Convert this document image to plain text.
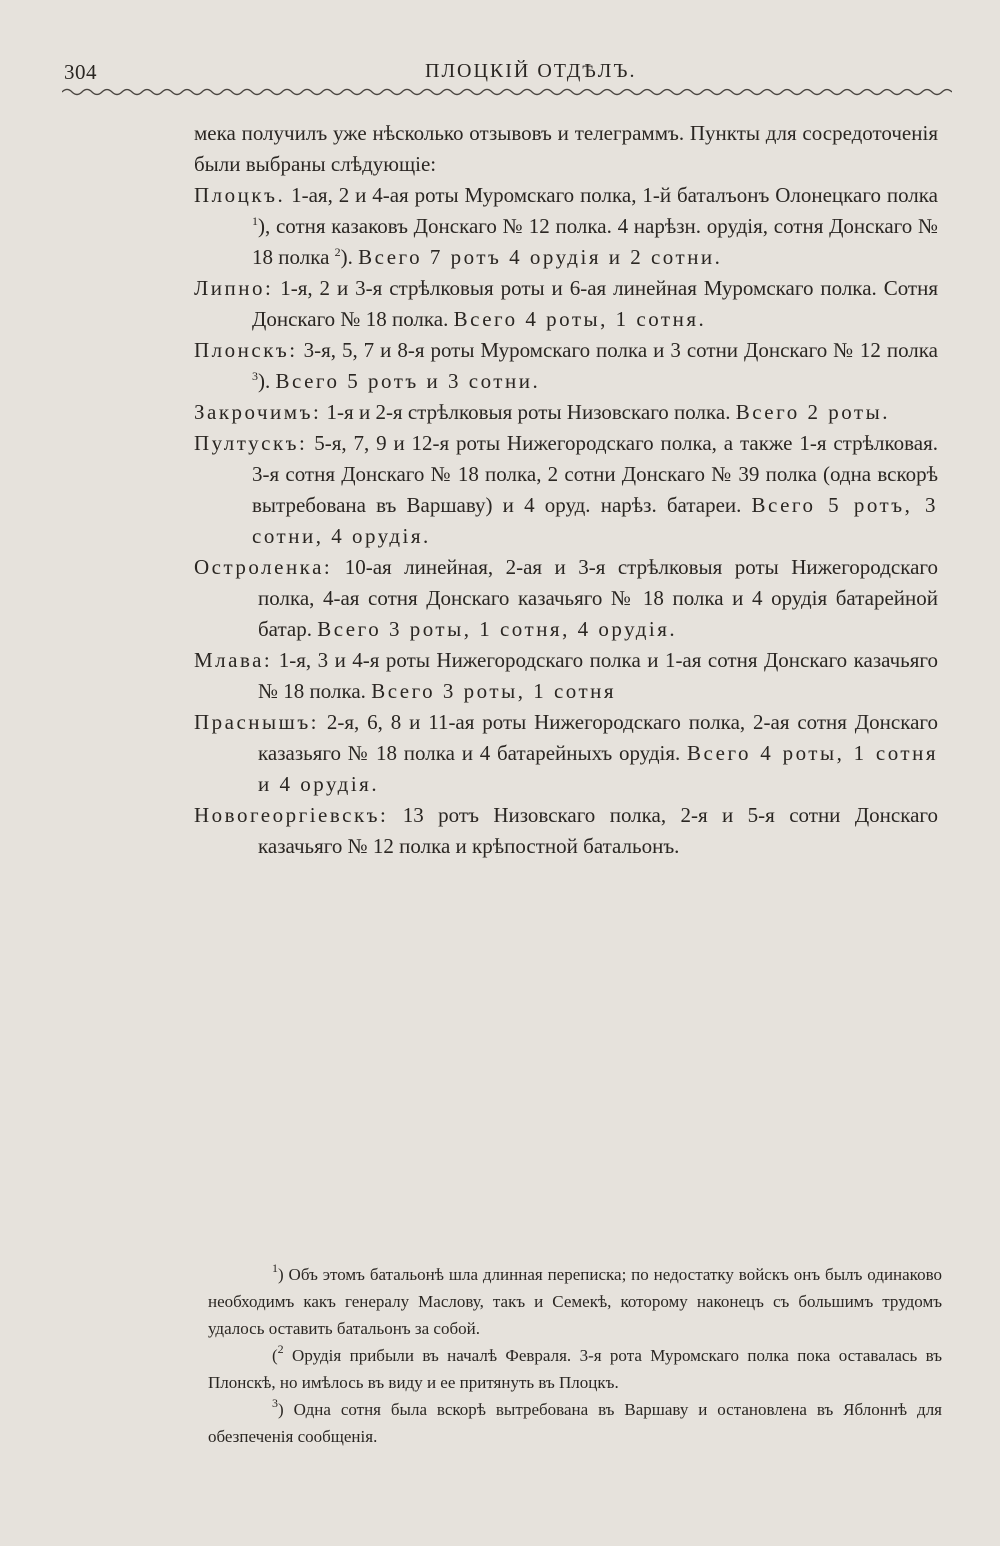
304	ПЛОЦКІЙ ОТДѢЛЪ.

мека получилъ уже нѣсколько отзывовъ и телеграммъ. Пункты для сосредоточенія были выбраны слѣдующіе:

Плоцкъ. 1-ая, 2 и 4-ая роты Муромскаго полка, 1-й баталъонъ Олонецкаго полка $^1$), сотня казаковъ Донскаго № 12 полка. 4 нарѣзн. орудія, сотня Донскаго № 18 полка $^2$). Всего 7 ротъ 4 орудія и 2 сотни.

Липно: 1-я, 2 и 3-я стрѣлковыя роты и 6-ая линейная Муромскаго полка. Сотня Донскаго № 18 полка. Всего 4 роты, 1 сотня.

Плонскъ: 3-я, 5, 7 и 8-я роты Муромскаго полка и 3 сотни Донскаго № 12 полка $^3$). Всего 5 ротъ и 3 сотни.

Закрочимъ: 1-я и 2-я стрѣлковыя роты Низовскаго полка. Всего 2 роты.

Пултускъ: 5-я, 7, 9 и 12-я роты Нижегородскаго полка, а также 1-я стрѣлковая. 3-я сотня Донскаго № 18 полка, 2 сотни Донскаго № 39 полка (одна вскорѣ вытребована въ Варшаву) и 4 оруд. нарѣз. батареи. Всего 5 ротъ, 3 сотни, 4 орудія.

Остроленка: 10-ая линейная, 2-ая и 3-я стрѣлковыя роты Нижегородскаго полка, 4-ая сотня Донскаго казачьяго № 18 полка и 4 орудія батарейной батар. Всего 3 роты, 1 сотня, 4 орудія.

Млава: 1-я, 3 и 4-я роты Нижегородскаго полка и 1-ая сотня Донскаго казачьяго № 18 полка. Всего 3 роты, 1 сотня

Праснышъ: 2-я, 6, 8 и 11-ая роты Нижегородскаго полка, 2-ая сотня Донскаго казазьяго № 18 полка и 4 батарейныхъ орудія. Всего 4 роты, 1 сотня и 4 орудія.

Новогеоргіевскъ: 13 ротъ Низовскаго полка, 2-я и 5-я сотни Донскаго казачьяго № 12 полка и крѣпостной батальонъ.

$^1$) Объ этомъ батальонѣ шла длинная переписка; по недостатку войскъ онъ былъ одинаково необходимъ какъ генералу Маслову, такъ и Семекѣ, которому наконецъ съ большимъ трудомъ удалось оставить батальонъ за собой.

($^2$ Орудія прибыли въ началѣ Февраля. 3-я рота Муромскаго полка пока оставалась въ Плонскѣ, но имѣлось въ виду и ее притянуть въ Плоцкъ.

$^3$) Одна сотня была вскорѣ вытребована въ Варшаву и остановлена въ Яблоннѣ для обезпеченія сообщенія.
